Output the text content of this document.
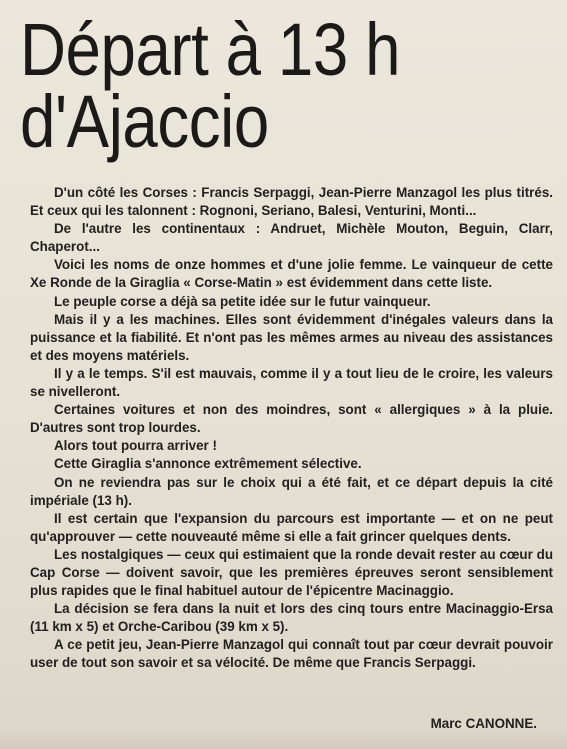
Départ à 13 h
d'Ajaccio

D'un côté les Corses : Francis Serpaggi, Jean-Pierre Manzagol les plus titrés. Et ceux qui les talonnent : Rognoni, Seriano, Balesi, Venturini, Monti...

De l'autre les continentaux : Andruet, Michèle Mouton, Beguin, Clarr, Chaperot...

Voici les noms de onze hommes et d'une jolie femme. Le vainqueur de cette Xe Ronde de la Giraglia « Corse-Matin » est évidemment dans cette liste.

Le peuple corse a déjà sa petite idée sur le futur vainqueur.

Mais il y a les machines. Elles sont évidemment d'inégales valeurs dans la puissance et la fiabilité. Et n'ont pas les mêmes armes au niveau des assistances et des moyens matériels.

Il y a le temps. S'il est mauvais, comme il y a tout lieu de le croire, les valeurs se nivelleront.

Certaines voitures et non des moindres, sont « allergiques » à la pluie. D'autres sont trop lourdes.

Alors tout pourra arriver !

Cette Giraglia s'annonce extrêmement sélective.

On ne reviendra pas sur le choix qui a été fait, et ce départ depuis la cité impériale (13 h).

Il est certain que l'expansion du parcours est importante — et on ne peut qu'approuver — cette nouveauté même si elle a fait grincer quelques dents.

Les nostalgiques — ceux qui estimaient que la ronde devait rester au cœur du Cap Corse — doivent savoir, que les premières épreuves seront sensiblement plus rapides que le final habituel autour de l'épicentre Macinaggio.

La décision se fera dans la nuit et lors des cinq tours entre Macinaggio-Ersa (11 km x 5) et Orche-Caribou (39 km x 5).

A ce petit jeu, Jean-Pierre Manzagol qui connaît tout par cœur devrait pouvoir user de tout son savoir et sa vélocité. De même que Francis Serpaggi.

Marc CANONNE.
